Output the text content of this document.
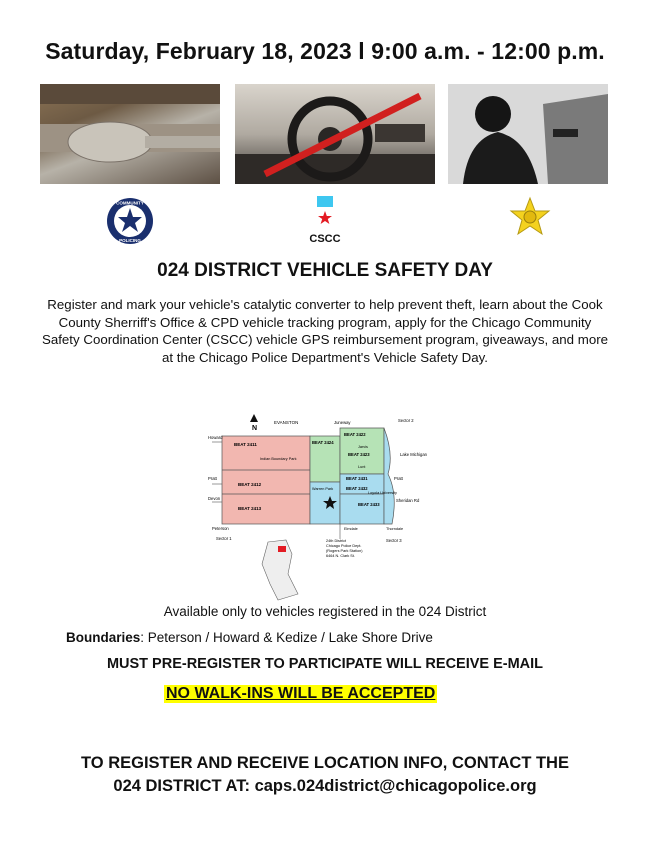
Saturday, February 18, 2023 l 9:00 a.m. - 12:00 p.m.
COMMUNITY
POLICING	CSCC
024 DISTRICT VEHICLE SAFETY DAY
Register and mark your vehicle's catalytic converter to help prevent theft, learn about the Cook County Sherriff's Office & CPD vehicle tracking program, apply for the Chicago Community Safety Coordination Center (CSCC) vehicle GPS reimbursement program, giveaways, and more at the Chicago Police Department's Vehicle Safety Day.
N
EVANSTON	Juneway	Sector 2
Howard
Pratt
Devon
Peterson
Lake Michigan
Sheridan Rd
Pratt
BEAT 2411
BEAT 2412
BEAT 2413
BEAT 2424
BEAT 2422
BEAT 2423
BEAT 2431
BEAT 2432
BEAT 2433
Indian Boundary Park
Warren Park
Loyola University
Jarvis
Lunt
Elmdale	Thorndale
Sector 1	Sector 3
24th District
Chicago Police Dept.
(Rogers Park Station)
6464 N. Clark St.
Available only to vehicles registered in the 024 District
Boundaries: Peterson / Howard & Kedize / Lake Shore Drive
MUST PRE-REGISTER TO PARTICIPATE WILL RECEIVE E-MAIL
NO WALK-INS WILL BE ACCEPTED
TO REGISTER AND RECEIVE LOCATION INFO, CONTACT THE
024 DISTRICT AT: caps.024district@chicagopolice.org
